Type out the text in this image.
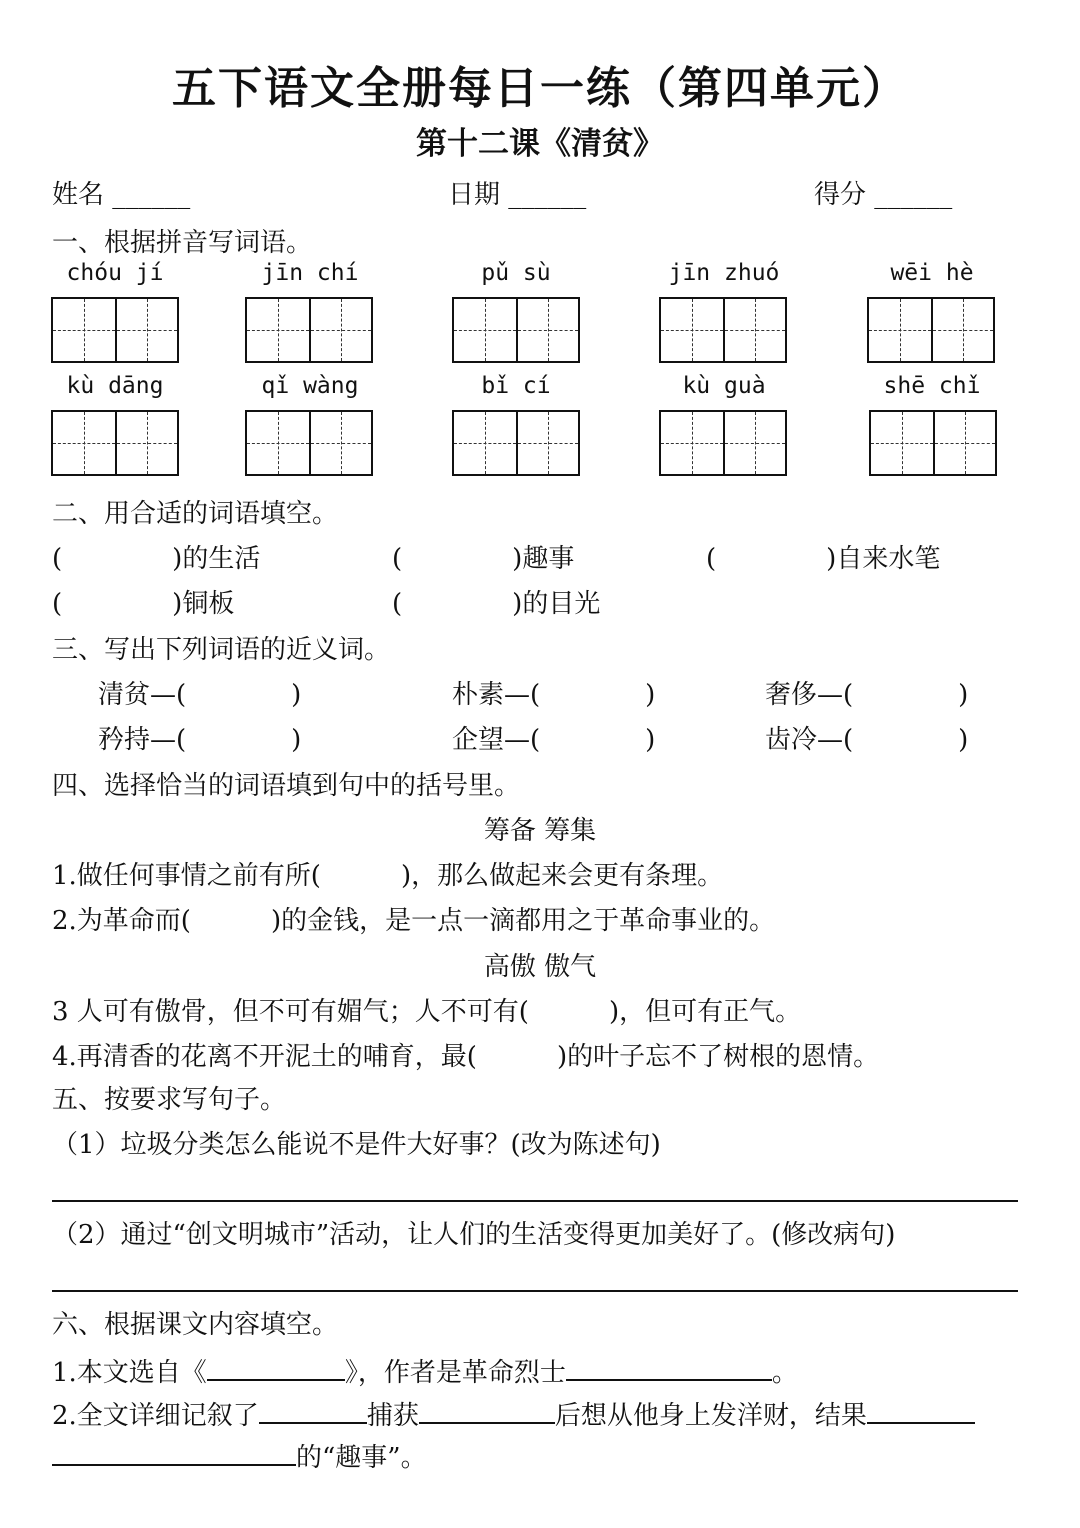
五下语文全册每日一练（第四单元）
第十二课《清贫》
姓名 ______	日期 ______	得分 ______
一、根据拼音写词语。
chóu jí	jīn chí	pǔ sù	jīn zhuó	wēi hè
kù dāng	qǐ wàng	bǐ cí	kù guà	shē chǐ
二、用合适的词语填空。
(	)的生活	(	)趣事	(	)自来水笔
(	)铜板	(	)的目光
三、写出下列词语的近义词。
清贫—(	)	朴素—(	)	奢侈—(	)
矜持—(	)	企望—(	)	齿冷—(	)
四、选择恰当的词语填到句中的括号里。
筹备 筹集
1.做任何事情之前有所(	)，那么做起来会更有条理。
2.为革命而(	)的金钱，是一点一滴都用之于革命事业的。
高傲 傲气
3 人可有傲骨，但不可有媚气；人不可有(	)，但可有正气。
4.再清香的花离不开泥土的哺育，最(	)的叶子忘不了树根的恩情。
五、按要求写句子。
（1）垃圾分类怎么能说不是件大好事？(改为陈述句)
（2）通过“创文明城市”活动，让人们的生活变得更加美好了。(修改病句)
六、根据课文内容填空。
1.本文选自《	》，作者是革命烈士	。
2.全文详细记叙了	捕获	后想从他身上发洋财，结果
的“趣事”。
